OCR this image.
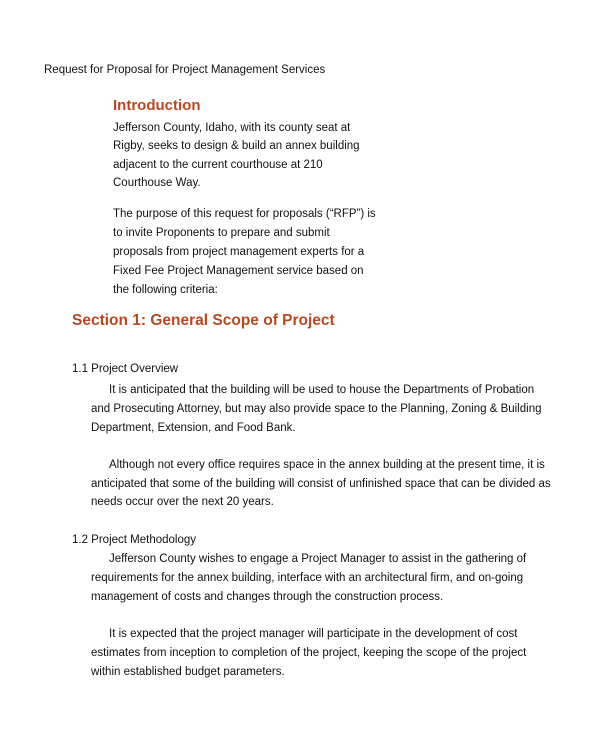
Request for Proposal for Project Management Services
Introduction
Jefferson County, Idaho, with its county seat at
Rigby, seeks to design & build an annex building
adjacent to the current courthouse at 210
Courthouse Way.
The purpose of this request for proposals (“RFP”) is
to invite Proponents to prepare and submit
proposals from project management experts for a
Fixed Fee Project Management service based on
the following criteria:
Section 1: General Scope of Project
1.1 Project Overview
It is anticipated that the building will be used to house the Departments of Probation
and Prosecuting Attorney, but may also provide space to the Planning, Zoning & Building
Department, Extension, and Food Bank.
Although not every office requires space in the annex building at the present time, it is
anticipated that some of the building will consist of unfinished space that can be divided as
needs occur over the next 20 years.
1.2 Project Methodology
Jefferson County wishes to engage a Project Manager to assist in the gathering of
requirements for the annex building, interface with an architectural firm, and on-going
management of costs and changes through the construction process.
It is expected that the project manager will participate in the development of cost
estimates from inception to completion of the project, keeping the scope of the project
within established budget parameters.
